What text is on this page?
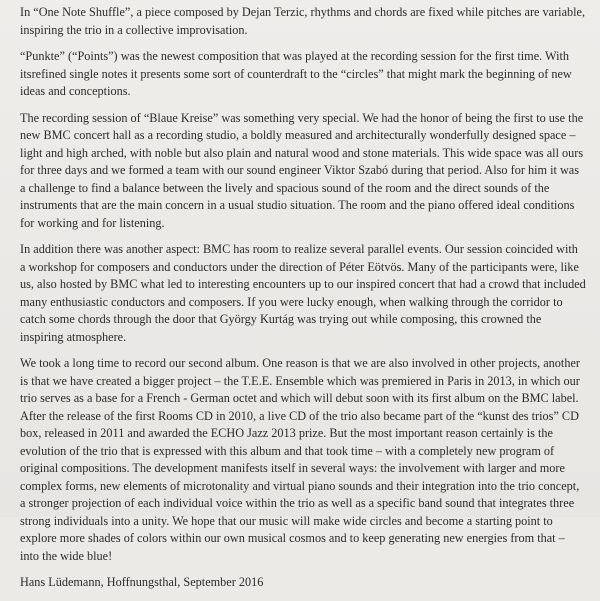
In “One Note Shuffle”, a piece composed by Dejan Terzic, rhythms and chords are fixed while pitches are variable, inspiring the trio in a collective improvisation.

“Punkte” (“Points”) was the newest composition that was played at the recording session for the first time. With itsrefined single notes it presents some sort of counterdraft to the “circles” that might mark the beginning of new ideas and conceptions.

The recording session of “Blaue Kreise” was something very special. We had the honor of being the first to use the new BMC concert hall as a recording studio, a boldly measured and architecturally wonderfully designed space – light and high arched, with noble but also plain and natural wood and stone materials. This wide space was all ours for three days and we formed a team with our sound engineer Viktor Szabó during that period. Also for him it was a challenge to find a balance between the lively and spacious sound of the room and the direct sounds of the instruments that are the main concern in a usual studio situation. The room and the piano offered ideal conditions for working and for listening.

In addition there was another aspect: BMC has room to realize several parallel events. Our session coincided with a workshop for composers and conductors under the direction of Péter Eötvös. Many of the participants were, like us, also hosted by BMC what led to interesting encounters up to our inspired concert that had a crowd that included many enthusiastic conductors and composers. If you were lucky enough, when walking through the corridor to catch some chords through the door that György Kurtág was trying out while composing, this crowned the inspiring atmosphere.

We took a long time to record our second album. One reason is that we are also involved in other projects, another is that we have created a bigger project – the T.E.E. Ensemble which was premiered in Paris in 2013, in which our trio serves as a base for a French - German octet and which will debut soon with its first album on the BMC label. After the release of the first Rooms CD in 2010, a live CD of the trio also became part of the “kunst des trios” CD box, released in 2011 and awarded the ECHO Jazz 2013 prize. But the most important reason certainly is the evolution of the trio that is expressed with this album and that took time – with a completely new program of original compositions. The development manifests itself in several ways: the involvement with larger and more complex forms, new elements of microtonality and virtual piano sounds and their integration into the trio concept, a stronger projection of each individual voice within the trio as well as a specific band sound that integrates three strong individuals into a unity. We hope that our music will make wide circles and become a starting point to explore more shades of colors within our own musical cosmos and to keep generating new energies from that – into the wide blue!

Hans Lüdemann, Hoffnungsthal, September 2016
